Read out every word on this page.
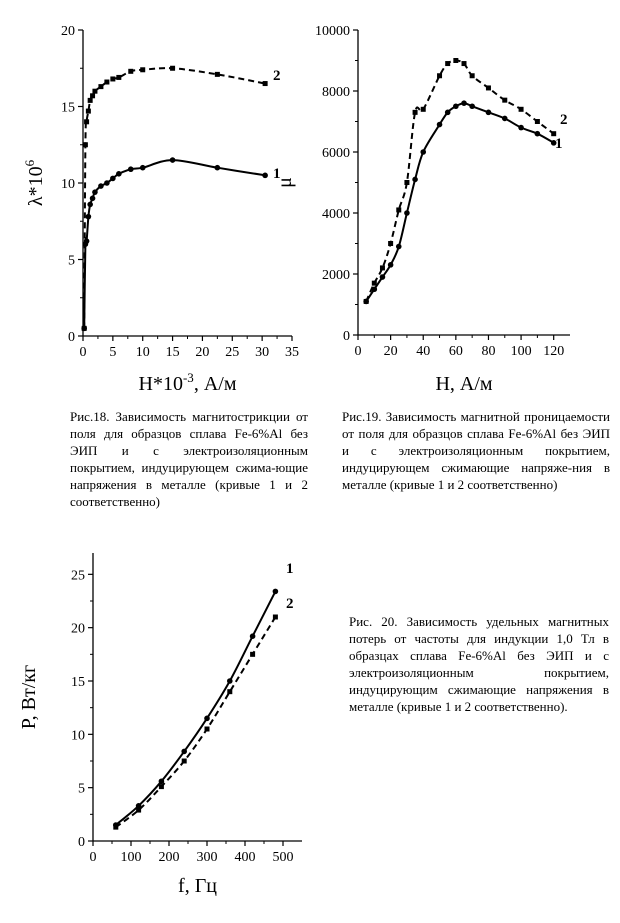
0
5
10
15
20
0 5 10 15 20 25 30 35
$H*10^{-3}$, А/м
$\lambda*10^6$
1
2
0
2000
4000
6000
8000
10000
0 20 40 60 80 100 120
H, А/м
μ
1
2
0
5
10
15
20
25
0 100 200 300 400 500
f, Гц
P, Вт/кг
1
2

Рис.18. Зависимость магнитострикции от поля для образцов сплава Fe-6%Al без ЭИП и с электроизоляционным покрытием, индуцирующем сжима-ющие напряжения в металле (кривые 1 и 2 соответственно)

Рис.19. Зависимость магнитной проницаемости от поля для образцов сплава Fe-6%Al без ЭИП и с электроизоляционным покрытием, индуцирующем сжимающие напряже-ния в металле (кривые 1 и 2 соответственно)

Рис. 20. Зависимость удельных магнитных потерь от частоты для индукции 1,0 Тл в образцах сплава Fe-6%Al без ЭИП и с электроизоляционным покрытием, индуцирующим сжимающие напряжения в металле (кривые 1 и 2 соответственно).
